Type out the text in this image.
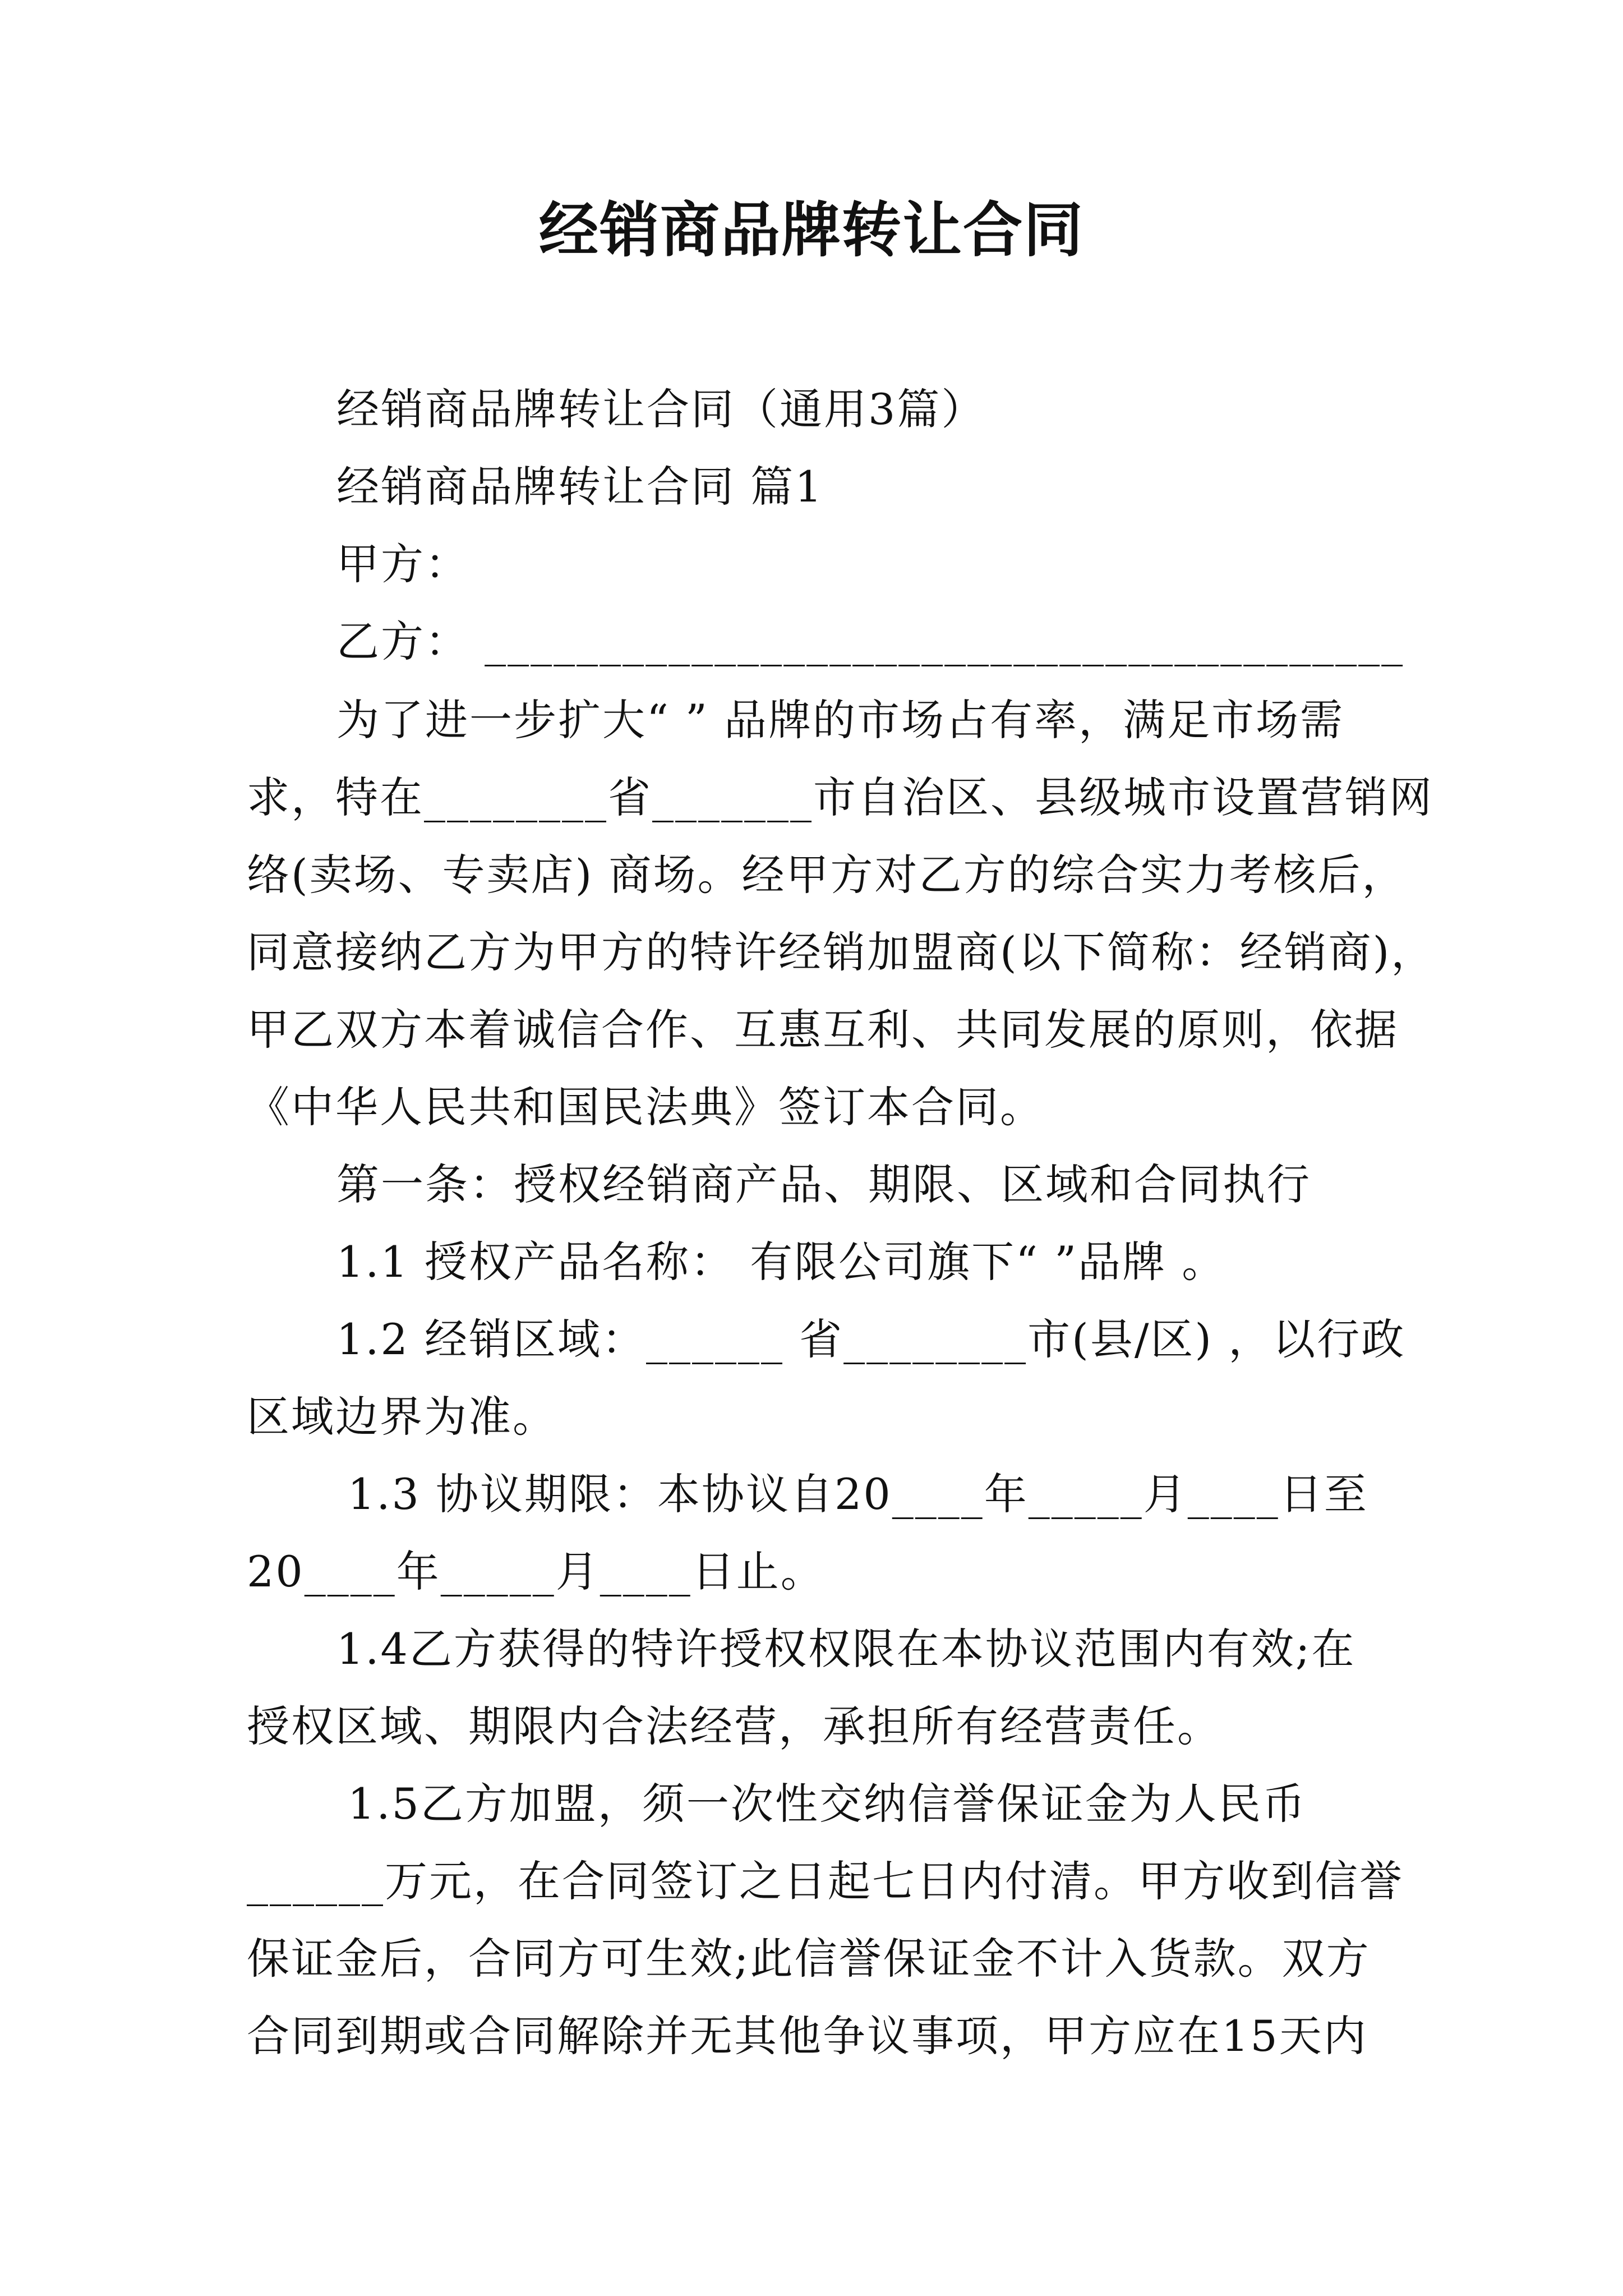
经销商品牌转让合同
经销商品牌转让合同（通用3篇）
经销商品牌转让合同 篇1
甲方：
乙方： ________________________________________
为了进一步扩大“ ” 品牌的市场占有率，满足市场需
求，特在________省_______市自治区、县级城市设置营销网
络(卖场、专卖店) 商场。经甲方对乙方的综合实力考核后，
同意接纳乙方为甲方的特许经销加盟商(以下简称：经销商)，
甲乙双方本着诚信合作、互惠互利、共同发展的原则，依据
《中华人民共和国民法典》签订本合同。
第一条：授权经销商产品、期限、区域和合同执行
1.1 授权产品名称： 有限公司旗下“ ”品牌 。
1.2 经销区域：______ 省________市(县/区) ，以行政
区域边界为准。
1.3 协议期限：本协议自20____年_____月____日至
20____年_____月____日止。
1.4乙方获得的特许授权权限在本协议范围内有效;在
授权区域、期限内合法经营，承担所有经营责任。
1.5乙方加盟，须一次性交纳信誉保证金为人民币
______万元，在合同签订之日起七日内付清。甲方收到信誉
保证金后，合同方可生效;此信誉保证金不计入货款。双方
合同到期或合同解除并无其他争议事项，甲方应在15天内
